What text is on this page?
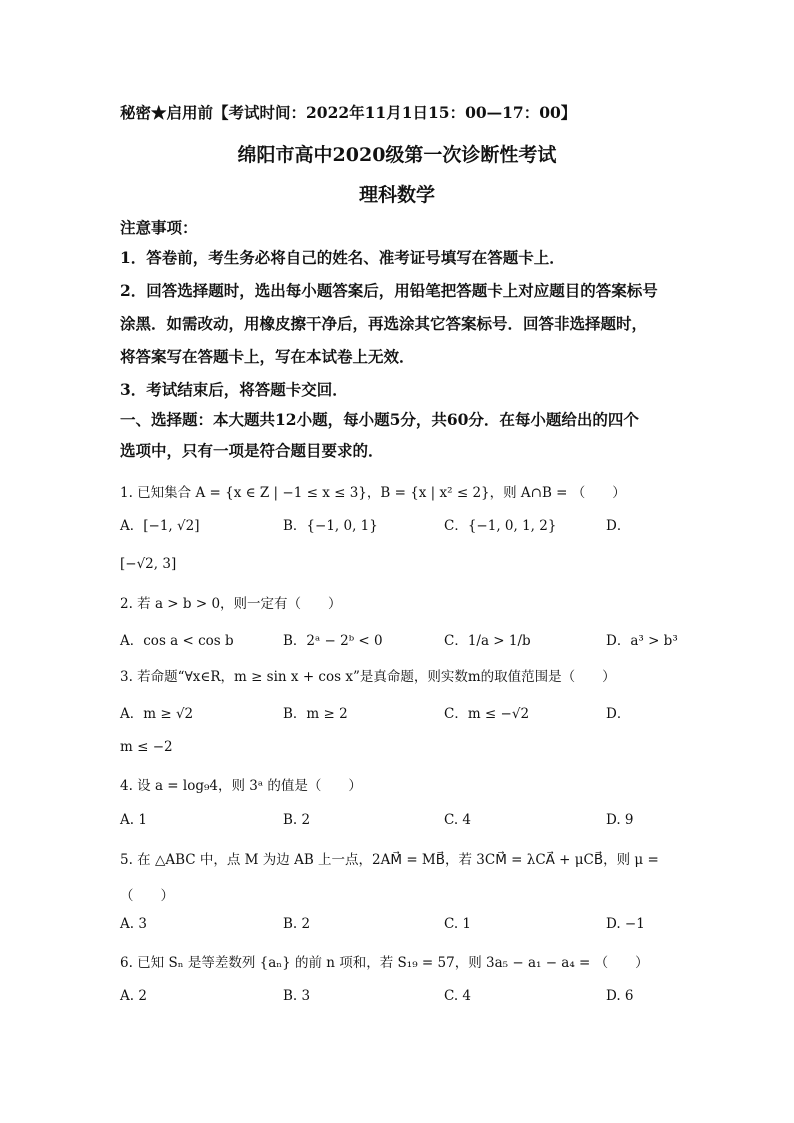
秘密★启用前【考试时间：2022年11月1日15：00—17：00】
绵阳市高中2020级第一次诊断性考试
理科数学
注意事项：
1．答卷前，考生务必将自己的姓名、准考证号填写在答题卡上．
2．回答选择题时，选出每小题答案后，用铅笔把答题卡上对应题目的答案标号
涂黑．如需改动，用橡皮擦干净后，再选涂其它答案标号．回答非选择题时，
将答案写在答题卡上，写在本试卷上无效．
3．考试结束后，将答题卡交回．
一、选择题：本大题共12小题，每小题5分，共60分．在每小题给出的四个
选项中，只有一项是符合题目要求的．
1. 已知集合 A = {x ∈ Z | −1 ≤ x ≤ 3}，B = {x | x² ≤ 2}，则 A∩B = （　　）
A．[−1, √2]	B．{−1, 0, 1}	C．{−1, 0, 1, 2}	D．
[−√2, 3]
2. 若 a > b > 0，则一定有（　　）
A．cos a < cos b	B．2ᵃ − 2ᵇ < 0	C．1/a > 1/b	D．a³ > b³
3. 若命题“∀x∈R，m ≥ sin x + cos x”是真命题，则实数m的取值范围是（　　）
A．m ≥ √2	B．m ≥ 2	C．m ≤ −√2	D．
m ≤ −2
4. 设 a = log₉4，则 3ᵃ 的值是（　　）
A. 1	B. 2	C. 4	D. 9
5. 在 △ABC 中，点 M 为边 AB 上一点，2AM⃗ = MB⃗，若 3CM⃗ = λCA⃗ + μCB⃗，则 μ =
（　　）
A. 3	B. 2	C. 1	D. −1
6. 已知 Sₙ 是等差数列 {aₙ} 的前 n 项和，若 S₁₉ = 57，则 3a₅ − a₁ − a₄ = （　　）
A. 2	B. 3	C. 4	D. 6
